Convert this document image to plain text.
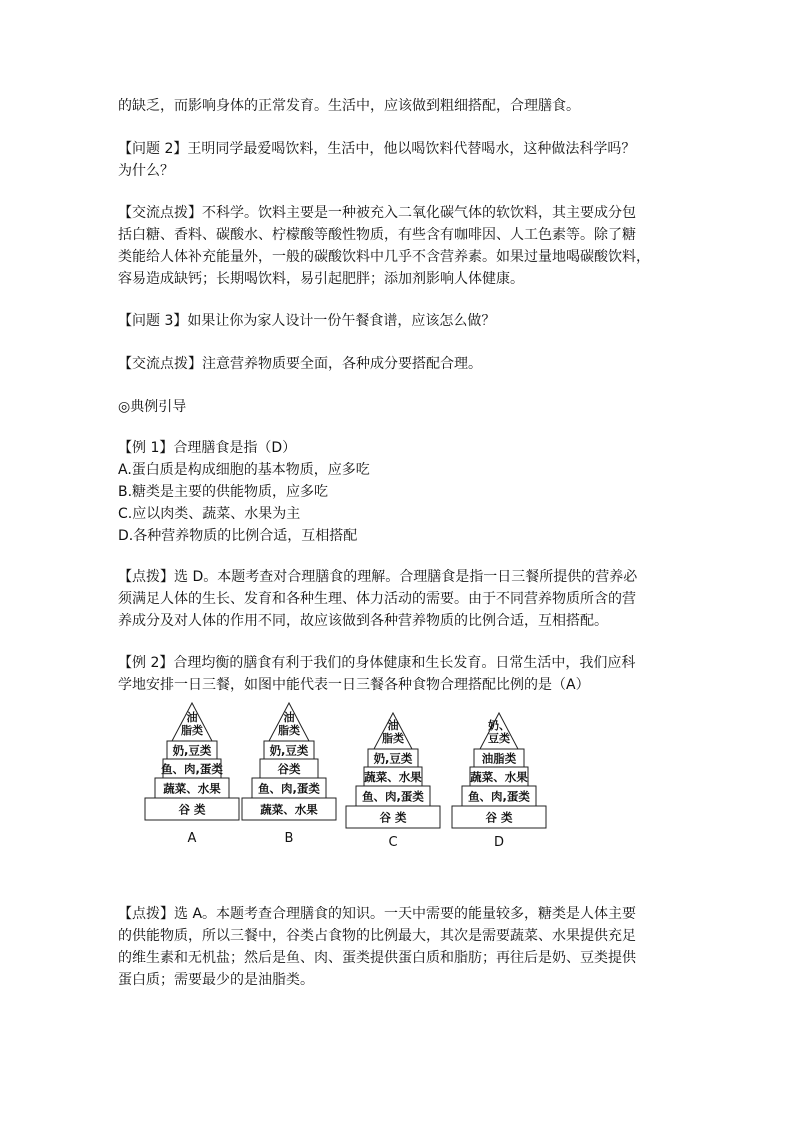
的缺乏，而影响身体的正常发育。生活中，应该做到粗细搭配，合理膳食。

【问题 2】王明同学最爱喝饮料，生活中，他以喝饮料代替喝水，这种做法科学吗？
为什么？

【交流点拨】不科学。饮料主要是一种被充入二氧化碳气体的软饮料，其主要成分包
括白糖、香料、碳酸水、柠檬酸等酸性物质，有些含有咖啡因、人工色素等。除了糖
类能给人体补充能量外，一般的碳酸饮料中几乎不含营养素。如果过量地喝碳酸饮料，
容易造成缺钙；长期喝饮料，易引起肥胖；添加剂影响人体健康。

【问题 3】如果让你为家人设计一份午餐食谱，应该怎么做？

【交流点拨】注意营养物质要全面，各种成分要搭配合理。

◎典例引导

【例 1】合理膳食是指（D）
A.蛋白质是构成细胞的基本物质，应多吃
B.糖类是主要的供能物质，应多吃
C.应以肉类、蔬菜、水果为主
D.各种营养物质的比例合适，互相搭配

【点拨】选 D。本题考查对合理膳食的理解。合理膳食是指一日三餐所提供的营养必
须满足人体的生长、发育和各种生理、体力活动的需要。由于不同营养物质所含的营
养成分及对人体的作用不同，故应该做到各种营养物质的比例合适，互相搭配。

【例 2】合理均衡的膳食有利于我们的身体健康和生长发育。日常生活中，我们应科
学地安排一日三餐，如图中能代表一日三餐各种食物合理搭配比例的是（A）

谷 类
蔬菜、水果
鱼、肉,蛋类
奶,豆类
油
脂类
A
蔬菜、水果
鱼、肉,蛋类
谷类
奶,豆类
油
脂类
B
谷 类
鱼、肉,蛋类
蔬菜、水果
奶,豆类
油
脂类
C
谷 类
鱼、肉,蛋类
蔬菜、水果
油脂类
奶、
豆类
D

【点拨】选 A。本题考查合理膳食的知识。一天中需要的能量较多，糖类是人体主要
的供能物质，所以三餐中，谷类占食物的比例最大，其次是需要蔬菜、水果提供充足
的维生素和无机盐；然后是鱼、肉、蛋类提供蛋白质和脂肪；再往后是奶、豆类提供
蛋白质；需要最少的是油脂类。
